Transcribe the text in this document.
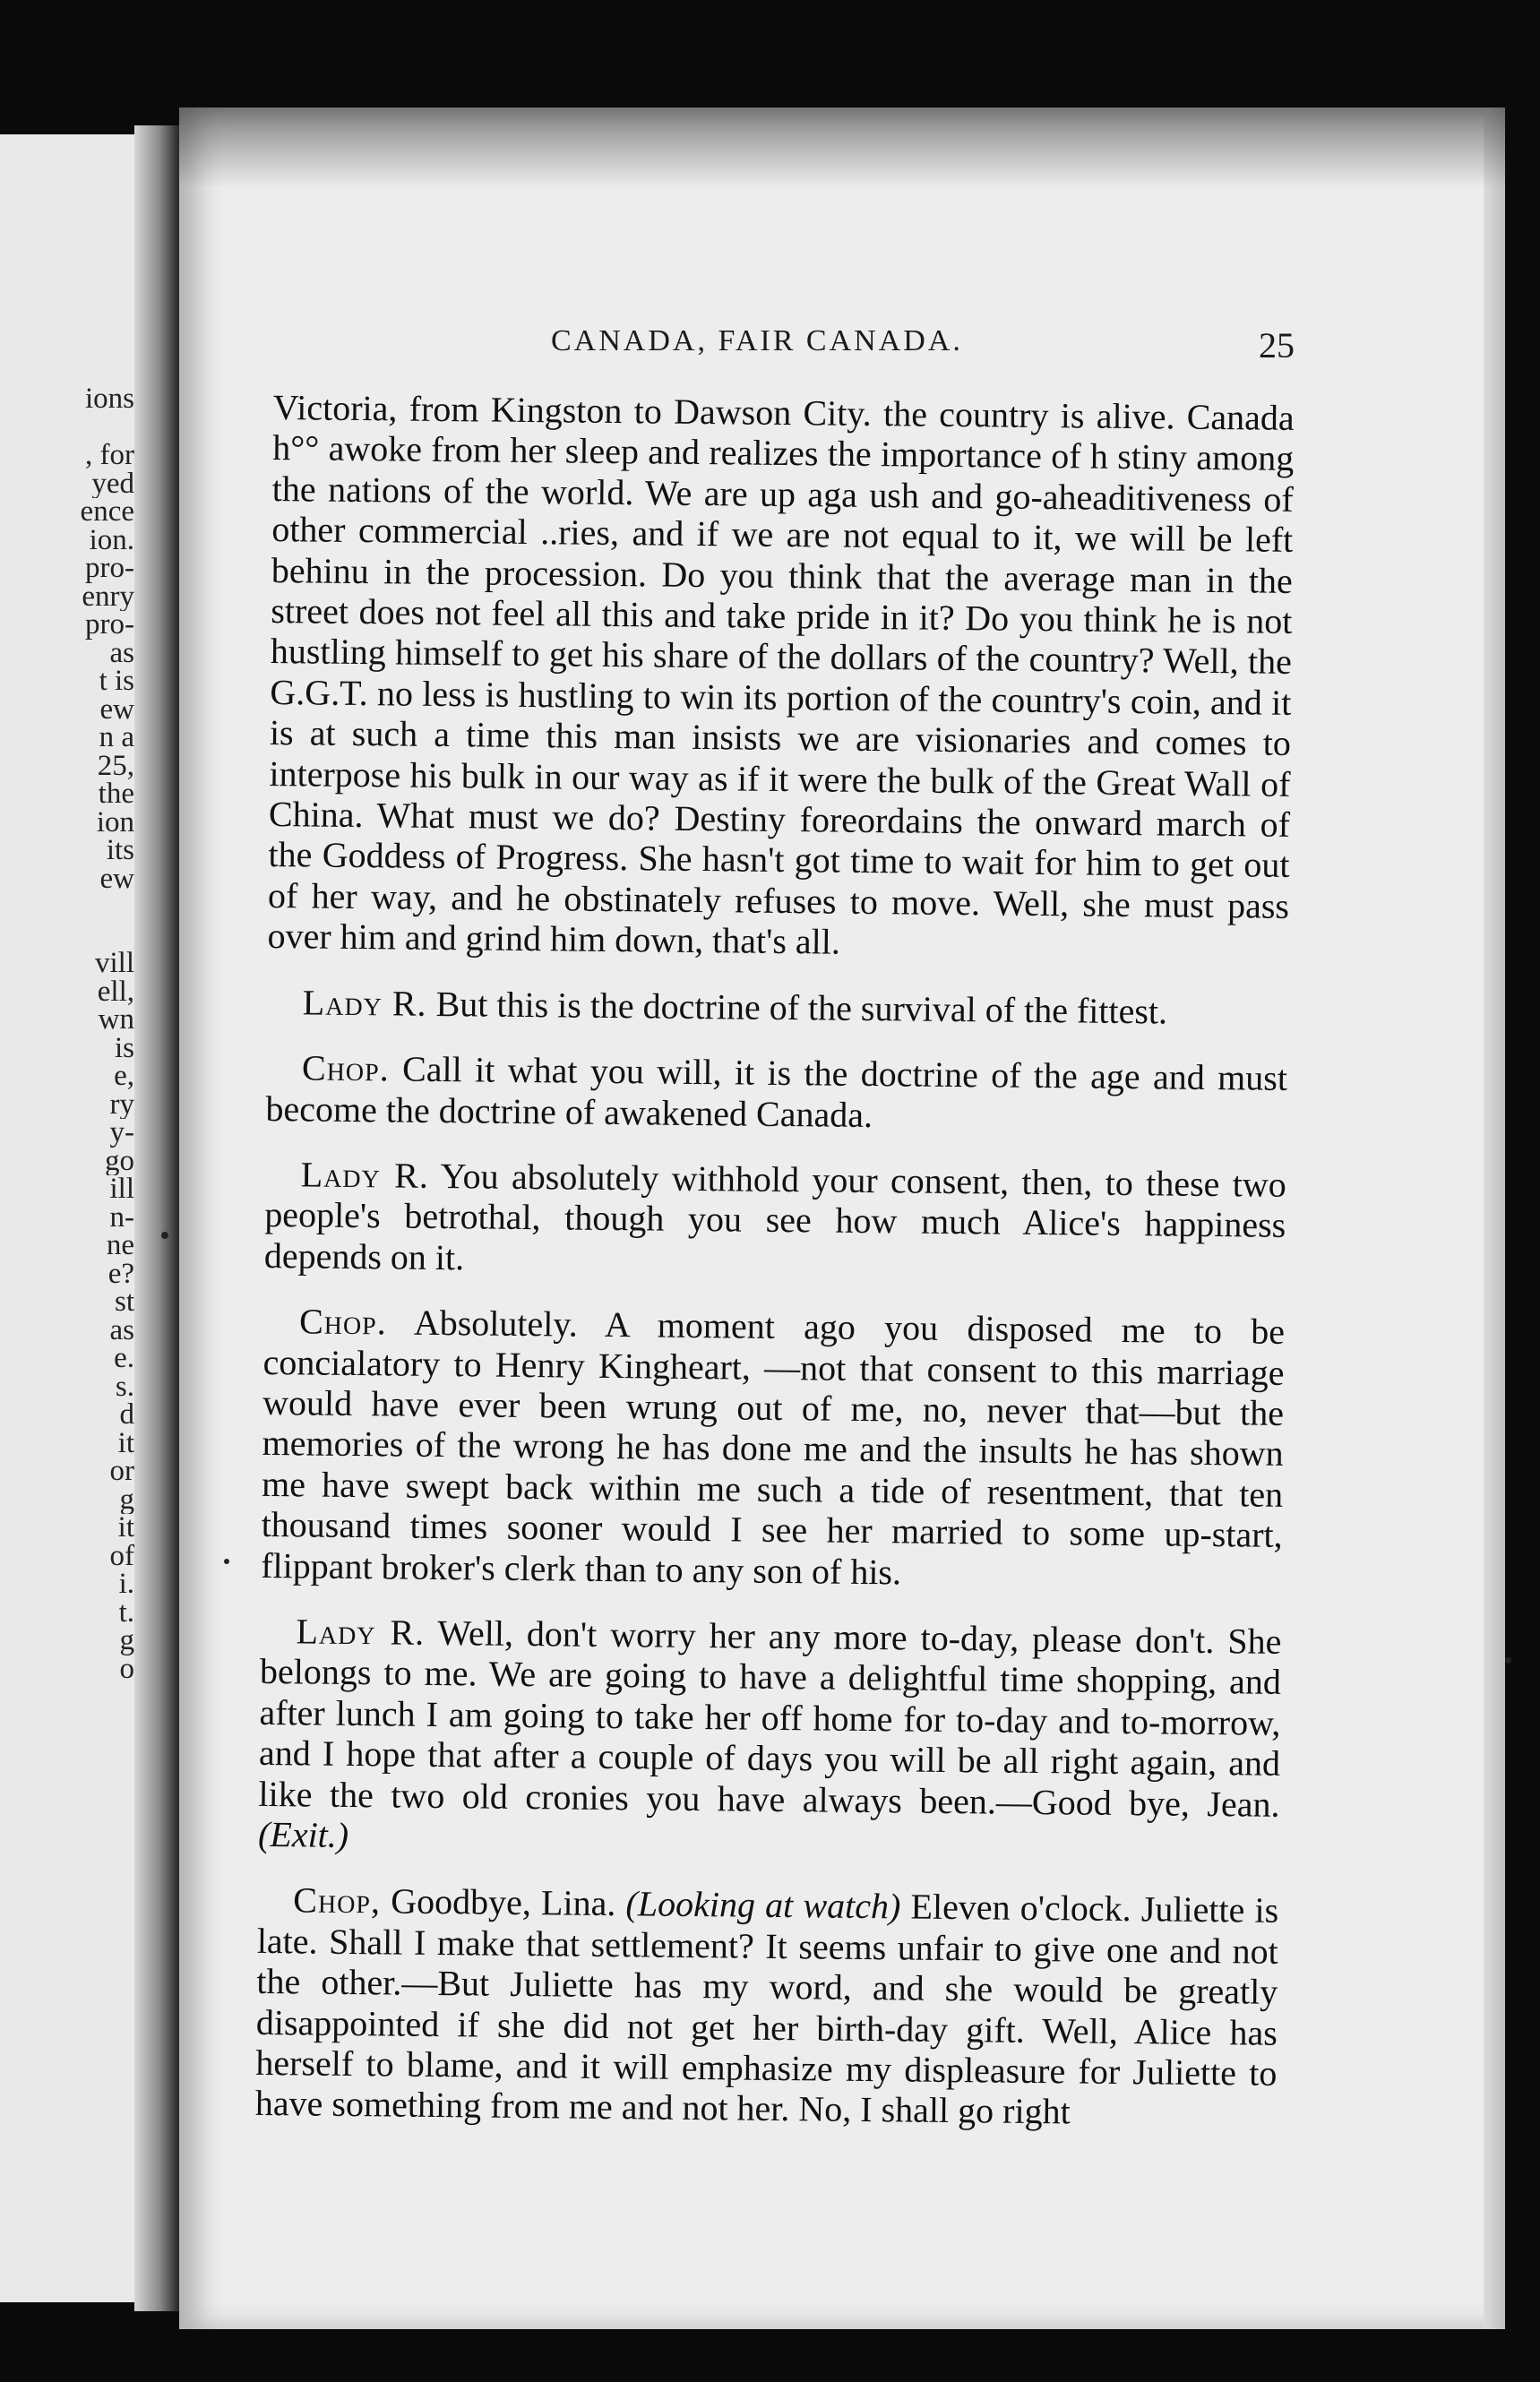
ions
, for
yed
ence
ion.
pro-
enry
pro-
as
t is
ew
n a
25,
the
ion
its
ew
vill
ell,
wn
is
e,
ry
y-
go
ill
n-
ne
e?
st
as
e.
s.
d
it
or
g
it
of
i.
t.
g
o
CANADA, FAIR CANADA.	25

Victoria, from Kingston to Dawson City. the country is alive. Canada h°° awoke from her sleep and realizes the importance of h stiny among the nations of the world. We are up aga ush and go-aheaditiveness of other commercial ..ries, and if we are not equal to it, we will be left behinu in the procession. Do you think that the average man in the street does not feel all this and take pride in it? Do you think he is not hustling himself to get his share of the dollars of the country? Well, the G.G.T. no less is hustling to win its portion of the country's coin, and it is at such a time this man insists we are visionaries and comes to interpose his bulk in our way as if it were the bulk of the Great Wall of China. What must we do? Destiny foreordains the onward march of the Goddess of Progress. She hasn't got time to wait for him to get out of her way, and he obstinately refuses to move. Well, she must pass over him and grind him down, that's all.

Lady R. But this is the doctrine of the survival of the fittest.

Chop. Call it what you will, it is the doctrine of the age and must become the doctrine of awakened Canada.

Lady R. You absolutely withhold your consent, then, to these two people's betrothal, though you see how much Alice's happiness depends on it.

Chop. Absolutely. A moment ago you disposed me to be concialatory to Henry Kingheart, —not that consent to this marriage would have ever been wrung out of me, no, never that—but the memories of the wrong he has done me and the insults he has shown me have swept back within me such a tide of resentment, that ten thousand times sooner would I see her married to some up-start, flippant broker's clerk than to any son of his.

Lady R. Well, don't worry her any more to-day, please don't. She belongs to me. We are going to have a delightful time shopping, and after lunch I am going to take her off home for to-day and to-morrow, and I hope that after a couple of days you will be all right again, and like the two old cronies you have always been.—Good bye, Jean. (Exit.)

Chop, Goodbye, Lina. (Looking at watch) Eleven o'clock. Juliette is late. Shall I make that settlement? It seems unfair to give one and not the other.—But Juliette has my word, and she would be greatly disappointed if she did not get her birth-day gift. Well, Alice has herself to blame, and it will emphasize my displeasure for Juliette to have something from me and not her. No, I shall go right
